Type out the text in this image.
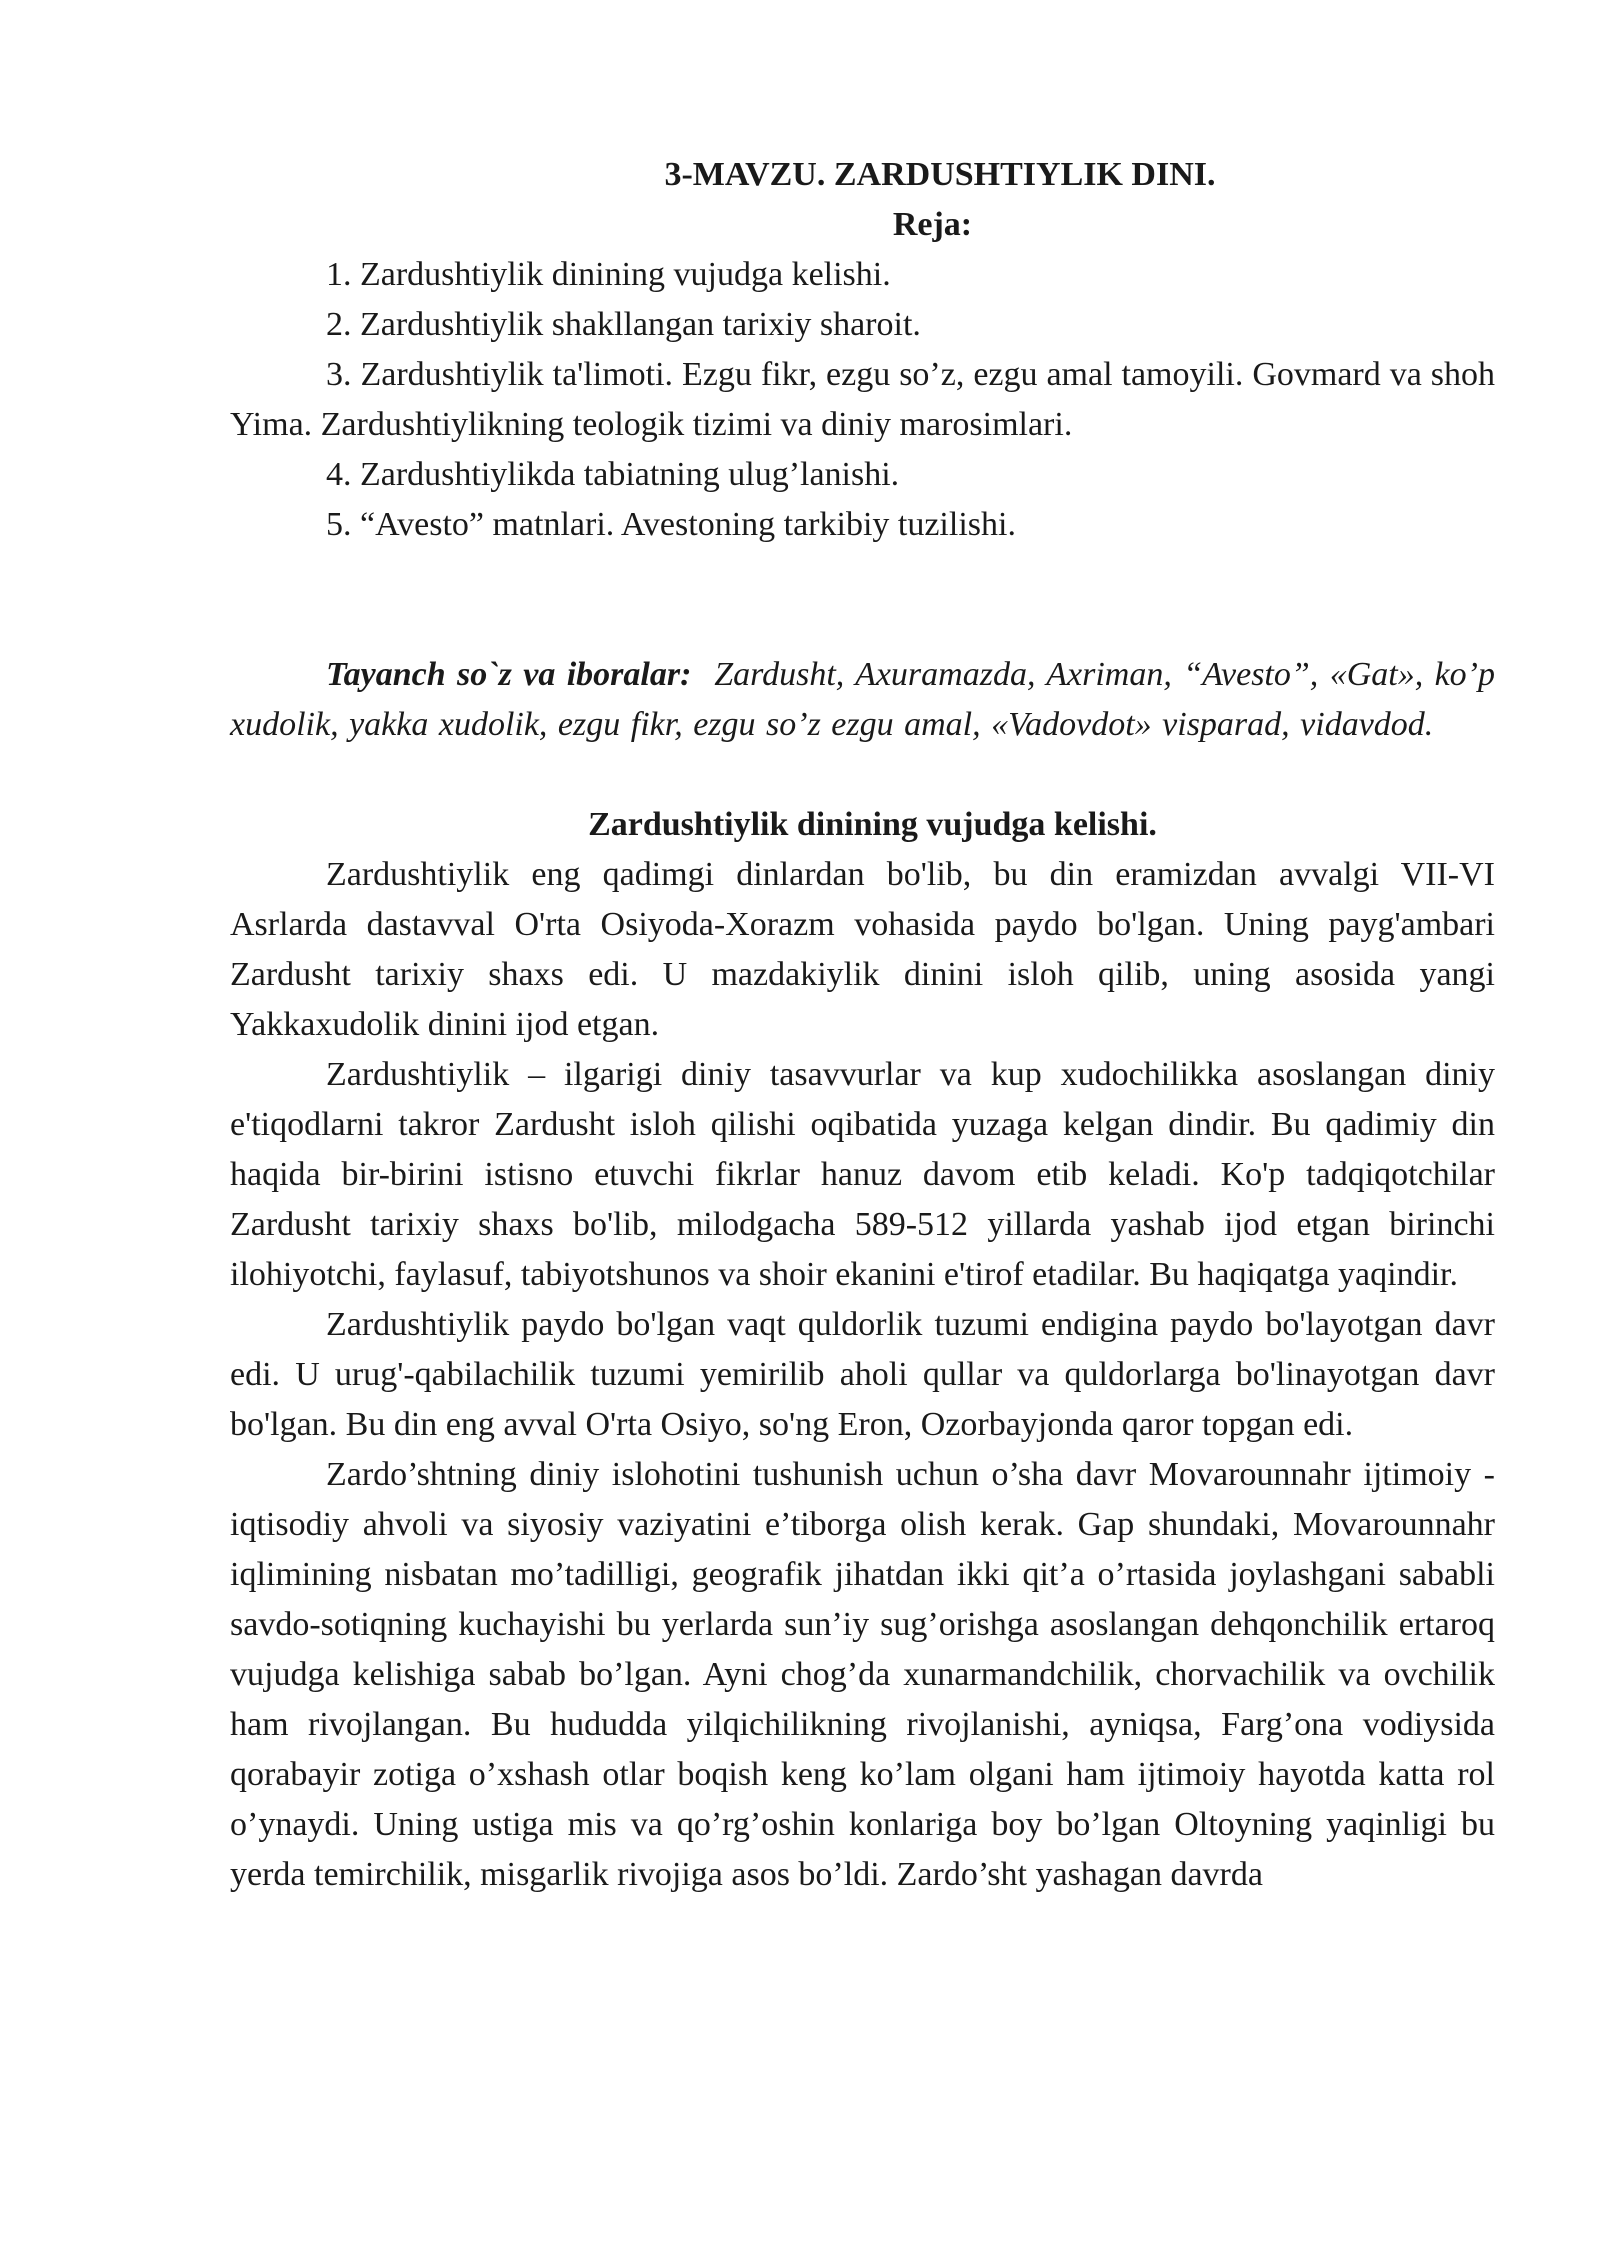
3-MAVZU. ZARDUSHTIYLIK DINI.

Reja:

1. Zardushtiylik dinining vujudga kelishi.
2. Zardushtiylik shakllangan tarixiy sharoit.
3. Zardushtiylik ta'limoti. Ezgu fikr, ezgu so’z, ezgu amal tamoyili. Govmard va shoh Yima. Zardushtiylikning teologik tizimi va diniy marosimlari.
4. Zardushtiylikda tabiatning ulug’lanishi.
5. “Avesto” matnlari. Avestoning tarkibiy tuzilishi.

Tayanch so`z va iboralar: Zardusht, Axuramazda, Axriman, “Avesto”, «Gat», ko’p xudolik, yakka xudolik, ezgu fikr, ezgu so’z ezgu amal, «Vadovdot» visparad, vidavdod.

Zardushtiylik dinining vujudga kelishi.

Zardushtiylik eng qadimgi dinlardan bo'lib, bu din eramizdan avvalgi VII-VI Asrlarda dastavval O'rta Osiyoda-Xorazm vohasida paydo bo'lgan. Uning payg'ambari Zardusht tarixiy shaxs edi. U mazdakiylik dinini isloh qilib, uning asosida yangi Yakkaxudolik dinini ijod etgan.

Zardushtiylik – ilgarigi diniy tasavvurlar va kup xudochilikka asoslangan diniy e'tiqodlarni takror Zardusht isloh qilishi oqibatida yuzaga kelgan dindir. Bu qadimiy din haqida bir-birini istisno etuvchi fikrlar hanuz davom etib keladi. Ko'p tadqiqotchilar Zardusht tarixiy shaxs bo'lib, milodgacha 589-512 yillarda yashab ijod etgan birinchi ilohiyotchi, faylasuf, tabiyotshunos va shoir ekanini e'tirof etadilar. Bu haqiqatga yaqindir.

Zardushtiylik paydo bo'lgan vaqt quldorlik tuzumi endigina paydo bo'layotgan davr edi. U urug'-qabilachilik tuzumi yemirilib aholi qullar va quldorlarga bo'linayotgan davr bo'lgan. Bu din eng avval O'rta Osiyo, so'ng Eron, Ozorbayjonda qaror topgan edi.

Zardo’shtning diniy islohotini tushunish uchun o’sha davr Movarounnahr ijtimoiy - iqtisodiy ahvoli va siyosiy vaziyatini e’tiborga olish kerak. Gap shundaki, Movarounnahr iqlimining nisbatan mo’tadilligi, geografik jihatdan ikki qit’a o’rtasida joylashgani sababli savdo-sotiqning kuchayishi bu yerlarda sun’iy sug’orishga asoslangan dehqonchilik ertaroq vujudga kelishiga sabab bo’lgan. Ayni chog’da xunarmandchilik, chorvachilik va ovchilik ham rivojlangan. Bu hududda yilqichilikning rivojlanishi, ayniqsa, Farg’ona vodiysida qorabayir zotiga o’xshash otlar boqish keng ko’lam olgani ham ijtimoiy hayotda katta rol o’ynaydi. Uning ustiga mis va qo’rg’oshin konlariga boy bo’lgan Oltoyning yaqinligi bu yerda temirchilik, misgarlik rivojiga asos bo’ldi. Zardo’sht yashagan davrda
